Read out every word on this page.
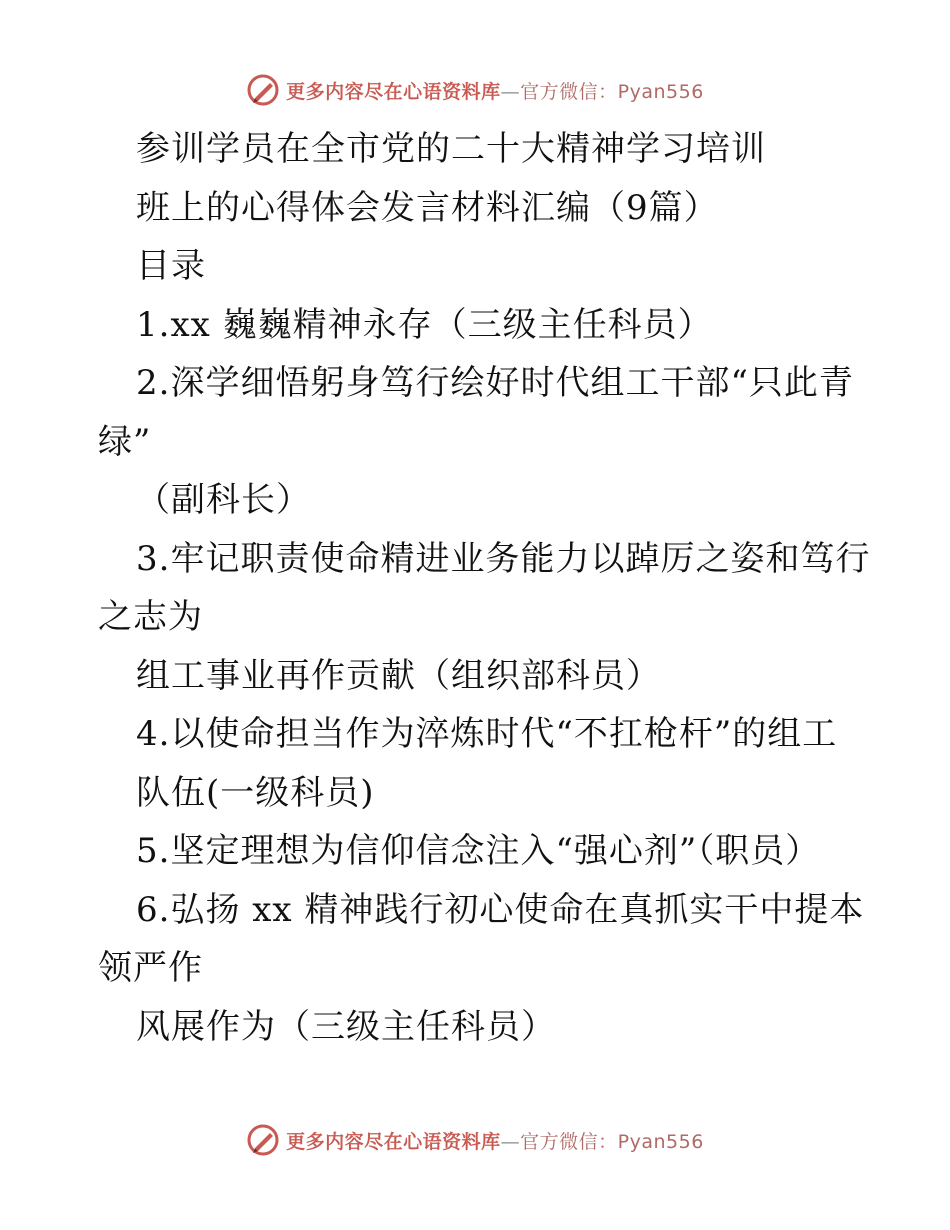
更多内容尽在心语资料库—官方微信：Pyan556
参训学员在全市党的二十大精神学习培训
班上的心得体会发言材料汇编（9篇）
目录
1.xx 巍巍精神永存（三级主任科员）
2.深学细悟躬身笃行绘好时代组工干部“只此青
绿”
（副科长）
3.牢记职责使命精进业务能力以踔厉之姿和笃行
之志为
组工事业再作贡献（组织部科员）
4.以使命担当作为淬炼时代“不扛枪杆”的组工
队伍(一级科员)
5.坚定理想为信仰信念注入“强心剂”（职员）
6.弘扬 xx 精神践行初心使命在真抓实干中提本
领严作
风展作为（三级主任科员）
更多内容尽在心语资料库—官方微信：Pyan556
